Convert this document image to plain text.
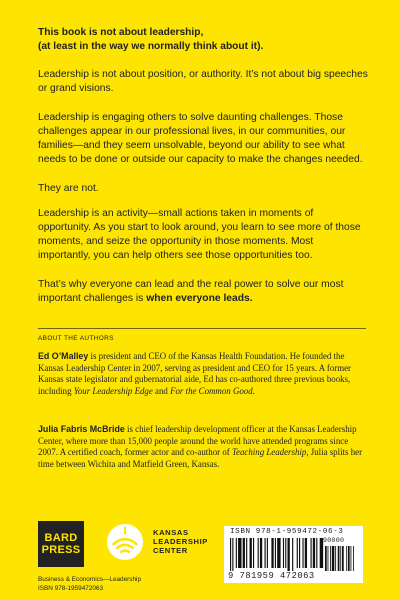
This book is not about leadership,
(at least in the way we normally think about it).

Leadership is not about position, or authority. It’s not about big speeches or grand visions.

Leadership is engaging others to solve daunting challenges. Those challenges appear in our professional lives, in our communities, our families—and they seem unsolvable, beyond our ability to see what needs to be done or outside our capacity to make the changes needed.

They are not.

Leadership is an activity—small actions taken in moments of opportunity. As you start to look around, you learn to see more of those moments, and seize the opportunity in those moments. Most importantly, you can help others see those opportunities too.

That’s why everyone can lead and the real power to solve our most important challenges is when everyone leads.

ABOUT THE AUTHORS

Ed O’Malley is president and CEO of the Kansas Health Foundation. He founded the Kansas Leadership Center in 2007, serving as president and CEO for 15 years. A former Kansas state legislator and gubernatorial aide, Ed has co-authored three previous books, including Your Leadership Edge and For the Common Good.

Julia Fabris McBride is chief leadership development officer at the Kansas Leadership Center, where more than 15,000 people around the world have attended programs since 2007. A certified coach, former actor and co-author of Teaching Leadership, Julia splits her time between Wichita and Matfield Green, Kansas.

BARD
PRESS
KANSAS
LEADERSHIP
CENTER
ISBN 978-1-959472-06-3
90000
9 781959 472063

Business & Economics—Leadership
ISBN 978-1959472063
